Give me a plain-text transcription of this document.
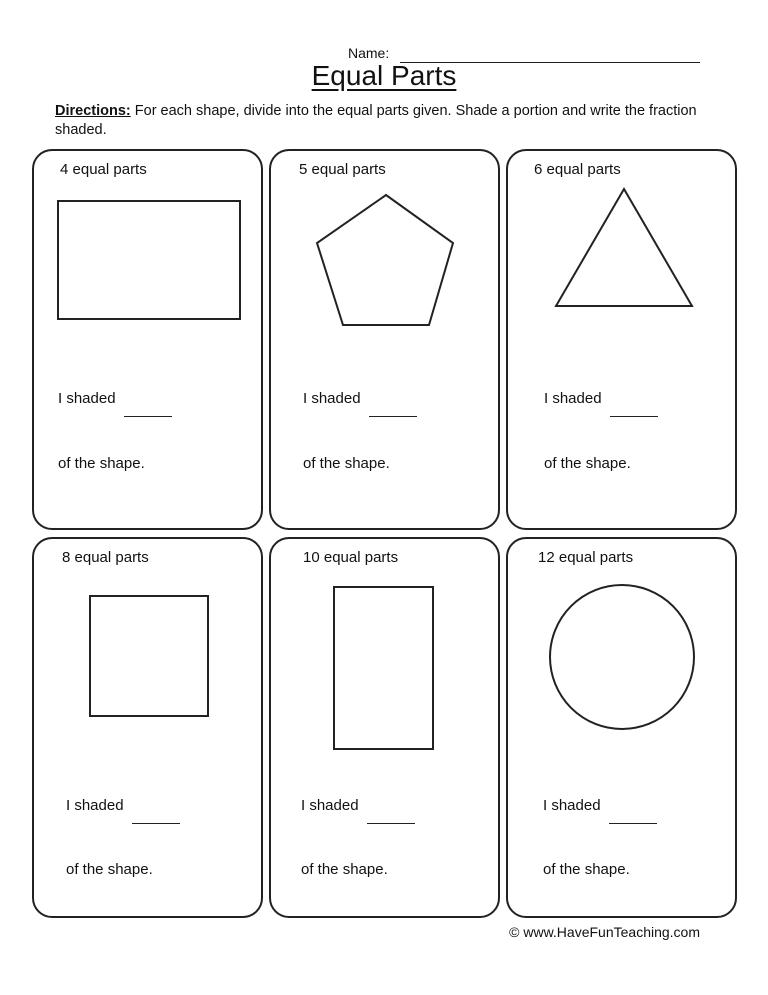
Name:
Equal Parts
Directions: For each shape, divide into the equal parts given. Shade a portion and write the fraction shaded.
4 equal parts
I shaded
of the shape.
5 equal parts
I shaded
of the shape.
6 equal parts
I shaded
of the shape.
8 equal parts
I shaded
of the shape.
10 equal parts
I shaded
of the shape.
12 equal parts
I shaded
of the shape.
© www.HaveFunTeaching.com
